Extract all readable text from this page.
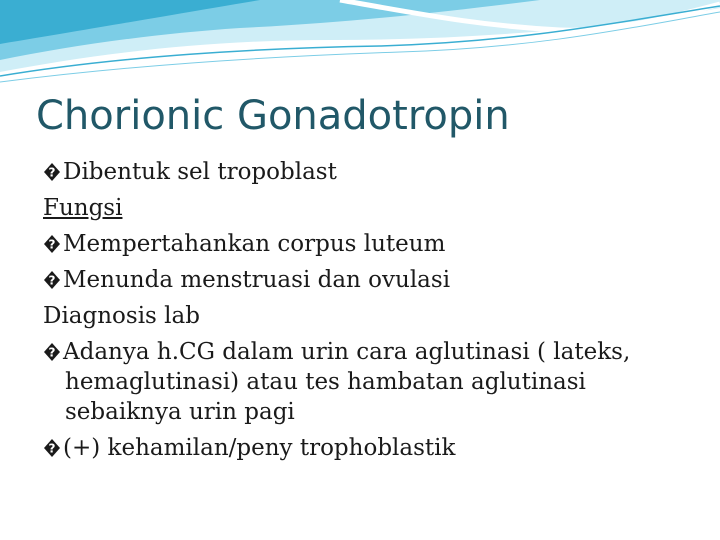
Chorionic Gonadotropin
? Dibentuk sel tropoblast
Fungsi
? Mempertahankan corpus luteum
? Menunda menstruasi dan ovulasi
Diagnosis lab
? Adanya h.CG dalam urin cara aglutinasi ( lateks, hemaglutinasi) atau tes hambatan aglutinasi sebaiknya urin pagi
? (+) kehamilan/peny trophoblastik
